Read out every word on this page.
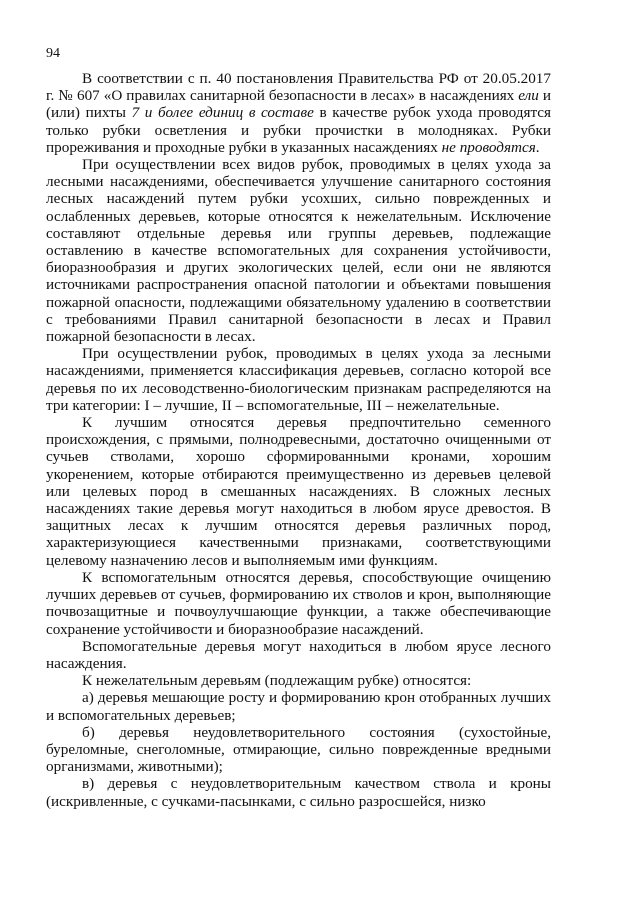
94

В соответствии с п. 40 постановления Правительства РФ от 20.05.2017 г. № 607 «О правилах санитарной безопасности в лесах» в насаждениях ели и (или) пихты 7 и более единиц в составе в качестве рубок ухода проводятся только рубки осветления и рубки прочистки в молодняках. Рубки прореживания и проходные рубки в указанных насаждениях не проводятся.

При осуществлении всех видов рубок, проводимых в целях ухода за лесными насаждениями, обеспечивается улучшение санитарного состояния лесных насаждений путем рубки усохших, сильно поврежденных и ослабленных деревьев, которые относятся к нежелательным. Исключение составляют отдельные деревья или группы деревьев, подлежащие оставлению в качестве вспомогательных для сохранения устойчивости, биоразнообразия и других экологических целей, если они не являются источниками распространения опасной патологии и объектами повышения пожарной опасности, подлежащими обязательному удалению в соответствии с требованиями Правил санитарной безопасности в лесах и Правил пожарной безопасности в лесах.

При осуществлении рубок, проводимых в целях ухода за лесными насаждениями, применяется классификация деревьев, согласно которой все деревья по их лесоводственно-биологическим признакам распределяются на три категории: I – лучшие, II – вспомогательные, III – нежелательные.

К лучшим относятся деревья предпочтительно семенного происхождения, с прямыми, полнодревесными, достаточно очищенными от сучьев стволами, хорошо сформированными кронами, хорошим укоренением, которые отбираются преимущественно из деревьев целевой или целевых пород в смешанных насаждениях. В сложных лесных насаждениях такие деревья могут находиться в любом ярусе древостоя. В защитных лесах к лучшим относятся деревья различных пород, характеризующиеся качественными признаками, соответствующими целевому назначению лесов и выполняемым ими функциям.

К вспомогательным относятся деревья, способствующие очищению лучших деревьев от сучьев, формированию их стволов и крон, выполняющие почвозащитные и почвоулучшающие функции, а также обеспечивающие сохранение устойчивости и биоразнообразие насаждений.

Вспомогательные деревья могут находиться в любом ярусе лесного насаждения.

К нежелательным деревьям (подлежащим рубке) относятся:

а) деревья мешающие росту и формированию крон отобранных лучших и вспомогательных деревьев;

б) деревья неудовлетворительного состояния (сухостойные, буреломные, снеголомные, отмирающие, сильно поврежденные вредными организмами, животными);

в) деревья с неудовлетворительным качеством ствола и кроны (искривленные, с сучками-пасынками, с сильно разросшейся, низко
